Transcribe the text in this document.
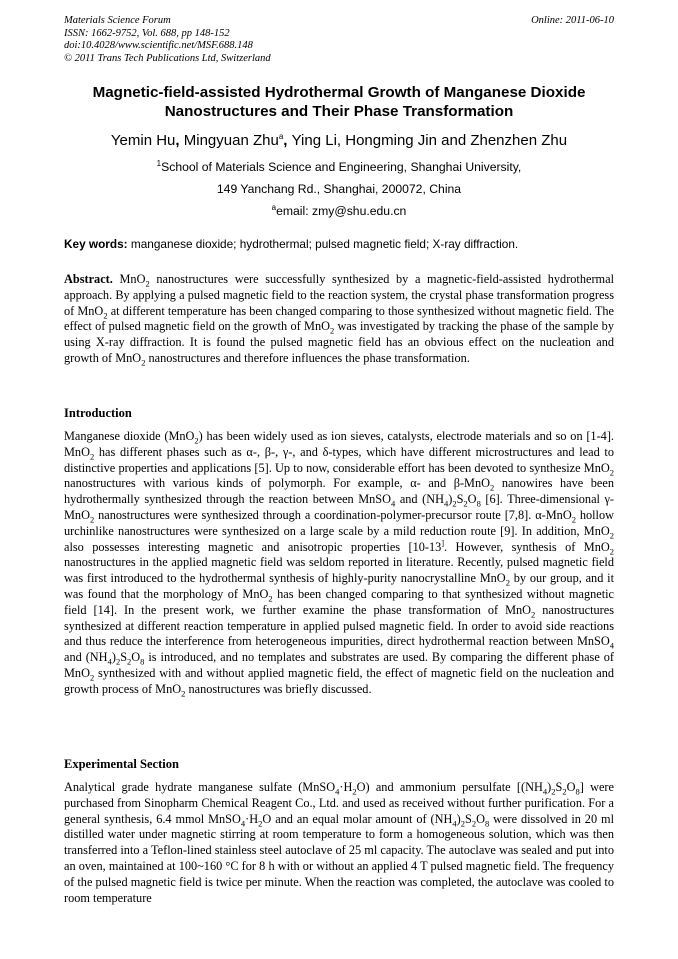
Materials Science Forum
ISSN: 1662-9752, Vol. 688, pp 148-152
doi:10.4028/www.scientific.net/MSF.688.148
© 2011 Trans Tech Publications Ltd, Switzerland
Online: 2011-06-10
Magnetic-field-assisted Hydrothermal Growth of Manganese Dioxide
Nanostructures and Their Phase Transformation
Yemin Hu, Mingyuan Zhu$^a$, Ying Li, Hongming Jin and Zhenzhen Zhu
$^1$School of Materials Science and Engineering, Shanghai University,
149 Yanchang Rd., Shanghai, 200072, China
$^a$email: zmy@shu.edu.cn
Key words: manganese dioxide; hydrothermal; pulsed magnetic field; X-ray diffraction.
Abstract. MnO$_2$ nanostructures were successfully synthesized by a magnetic-field-assisted hydrothermal approach. By applying a pulsed magnetic field to the reaction system, the crystal phase transformation progress of MnO$_2$ at different temperature has been changed comparing to those synthesized without magnetic field. The effect of pulsed magnetic field on the growth of MnO$_2$ was investigated by tracking the phase of the sample by using X-ray diffraction. It is found the pulsed magnetic field has an obvious effect on the nucleation and growth of MnO$_2$ nanostructures and therefore influences the phase transformation.
Introduction
Manganese dioxide (MnO$_2$) has been widely used as ion sieves, catalysts, electrode materials and so on [1-4]. MnO$_2$ has different phases such as α-, β-, γ-, and δ-types, which have different microstructures and lead to distinctive properties and applications [5]. Up to now, considerable effort has been devoted to synthesize MnO$_2$ nanostructures with various kinds of polymorph. For example, α- and β-MnO$_2$ nanowires have been hydrothermally synthesized through the reaction between MnSO$_4$ and $(NH_4)_2S_2O_8$ [6]. Three-dimensional γ-MnO$_2$ nanostructures were synthesized through a coordination-polymer-precursor route [7,8]. α-MnO$_2$ hollow urchinlike nanostructures were synthesized on a large scale by a mild reduction route [9]. In addition, MnO$_2$ also possesses interesting magnetic and anisotropic properties [10-13]. However, synthesis of MnO$_2$ nanostructures in the applied magnetic field was seldom reported in literature. Recently, pulsed magnetic field was first introduced to the hydrothermal synthesis of highly-purity nanocrystalline MnO$_2$ by our group, and it was found that the morphology of MnO$_2$ has been changed comparing to that synthesized without magnetic field [14]. In the present work, we further examine the phase transformation of MnO$_2$ nanostructures synthesized at different reaction temperature in applied pulsed magnetic field. In order to avoid side reactions and thus reduce the interference from heterogeneous impurities, direct hydrothermal reaction between MnSO$_4$ and $(NH_4)_2S_2O_8$ is introduced, and no templates and substrates are used. By comparing the different phase of MnO$_2$ synthesized with and without applied magnetic field, the effect of magnetic field on the nucleation and growth process of MnO$_2$ nanostructures was briefly discussed.
Experimental Section
Analytical grade hydrate manganese sulfate $(MnSO_4\cdot H_2O)$ and ammonium persulfate $[(NH_4)_2S_2O_8]$ were purchased from Sinopharm Chemical Reagent Co., Ltd. and used as received without further purification. For a general synthesis, 6.4 mmol $MnSO_4\cdot H_2O$ and an equal molar amount of $(NH_4)_2S_2O_8$ were dissolved in 20 ml distilled water under magnetic stirring at room temperature to form a homogeneous solution, which was then transferred into a Teflon-lined stainless steel autoclave of 25 ml capacity. The autoclave was sealed and put into an oven, maintained at 100~160 °C for 8 h with or without an applied 4 T pulsed magnetic field. The frequency of the pulsed magnetic field is twice per minute. When the reaction was completed, the autoclave was cooled to room temperature
